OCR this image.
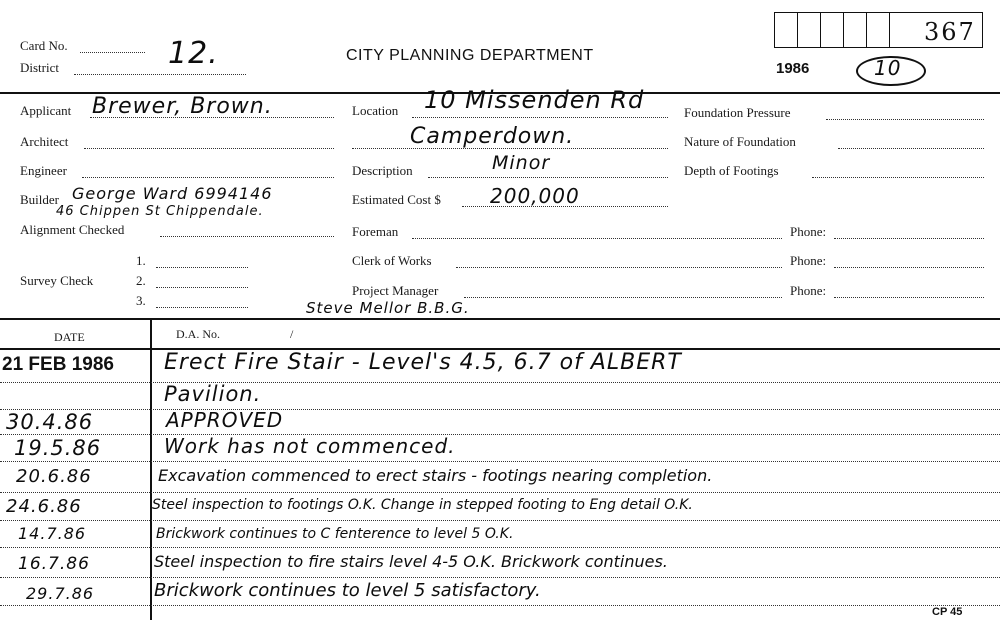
Card No.	12.
District
CITY PLANNING DEPARTMENT
1986	10
367
Applicant Brewer, Brown.
Architect
Engineer
Builder George Ward 6994146
46 Chippen St Chippendale.
Alignment Checked
Survey Check
1.
2.
3.
Location 10 Missenden Rd
Camperdown.
Description	Minor
Estimated Cost $ 200,000
Foreman	Phone:
Clerk of Works	Phone:
Project Manager	Phone:
Steve Mellor B.B.G.
Foundation Pressure
Nature of Foundation
Depth of Footings
DATE	D.A. No.	/
21 FEB 1986 Erect Fire Stair - Level's 4.5, 6.7 of ALBERT
Pavilion.
30.4.86	APPROVED
19.5.86	Work has not commenced.
20.6.86	Excavation commenced to erect stairs - footings nearing completion.
24.6.86	Steel inspection to footings O.K. Change in stepped footing to Eng detail O.K.
14.7.86	Brickwork continues to C fenterence to level 5 O.K.
16.7.86	Steel inspection to fire stairs level 4-5 O.K. Brickwork continues.
29.7.86	Brickwork continues to level 5 satisfactory.
CP 45
